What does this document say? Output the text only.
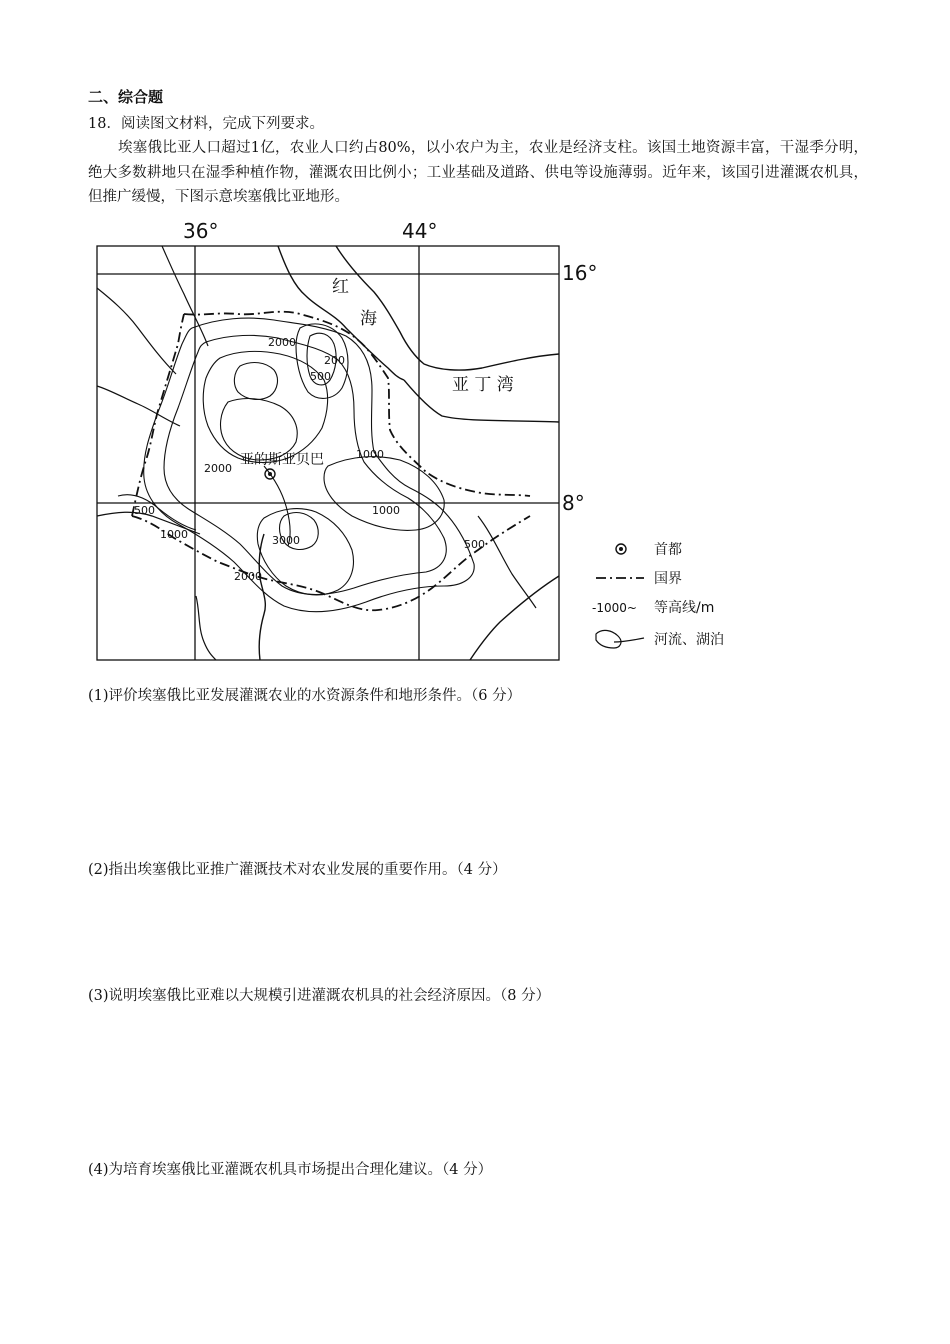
二、综合题
18．阅读图文材料，完成下列要求。
埃塞俄比亚人口超过1亿，农业人口约占80%，以小农户为主，农业是经济支柱。该国土地资源丰富，干湿季分明，绝大多数耕地只在湿季种植作物，灌溉农田比例小；工业基础及道路、供电等设施薄弱。近年来，该国引进灌溉农机具，但推广缓慢，下图示意埃塞俄比亚地形。
36°	44°
16°
8°
红
海
亚 丁 湾
2000
200
500
2000
1000
500
1000	3000
1000
500
2000
亚的斯亚贝巴
首都
国界
-1000~ 等高线/m
河流、湖泊
(1)评价埃塞俄比亚发展灌溉农业的水资源条件和地形条件。（6 分）
(2)指出埃塞俄比亚推广灌溉技术对农业发展的重要作用。（4 分）
(3)说明埃塞俄比亚难以大规模引进灌溉农机具的社会经济原因。（8 分）
(4)为培育埃塞俄比亚灌溉农机具市场提出合理化建议。（4 分）
